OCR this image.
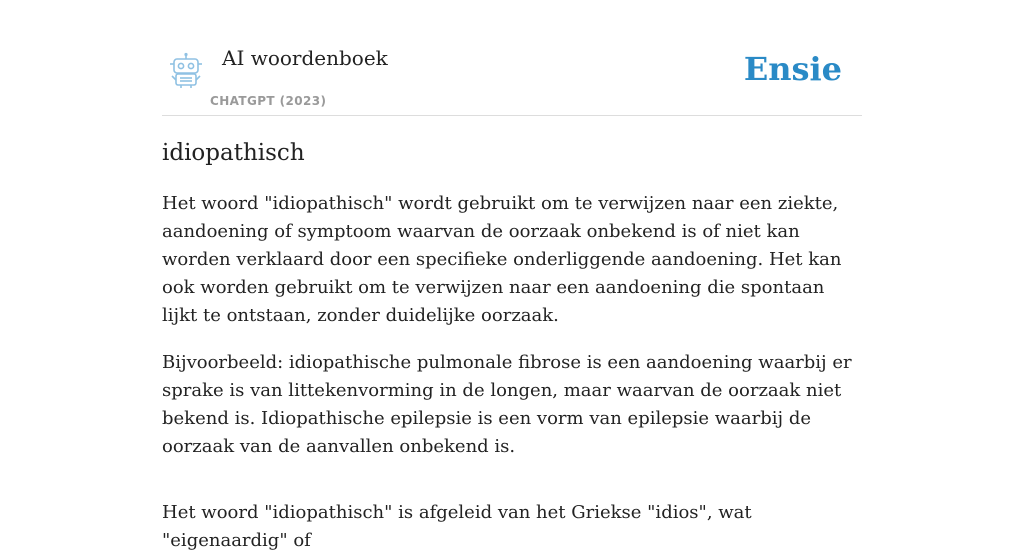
AI woordenboek
CHATGPT (2023)
Ensie
idiopathisch

Het woord "idiopathisch" wordt gebruikt om te verwijzen naar een ziekte, aandoening of symptoom waarvan de oorzaak onbekend is of niet kan worden verklaard door een specifieke onderliggende aandoening. Het kan ook worden gebruikt om te verwijzen naar een aandoening die spontaan lijkt te ontstaan, zonder duidelijke oorzaak.

Bijvoorbeeld: idiopathische pulmonale fibrose is een aandoening waarbij er sprake is van littekenvorming in de longen, maar waarvan de oorzaak niet bekend is. Idiopathische epilepsie is een vorm van epilepsie waarbij de oorzaak van de aanvallen onbekend is.

Het woord "idiopathisch" is afgeleid van het Griekse "idios", wat "eigenaardig" of
